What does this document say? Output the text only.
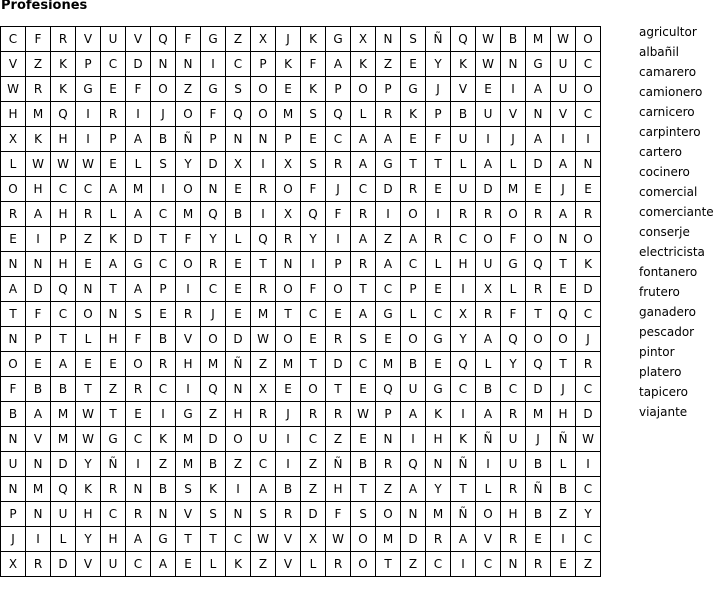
Profesiones
C	F	R	V	U	V	Q	F	G	Z	X	J	K	G	X	N	S	Ñ	Q	W	B	M	W	O
V	Z	K	P	C	D	N	N	I	C	P	K	F	A	K	Z	E	Y	K	W	N	G	U	C
W	R	K	G	E	F	O	Z	G	S	O	E	K	P	O	P	G	J	V	E	I	A	U	O
H	M	Q	I	R	I	J	O	F	Q	O	M	S	Q	L	R	K	P	B	U	V	N	V	C
X	K	H	I	P	A	B	Ñ	P	N	N	P	E	C	A	A	E	F	U	I	J	A	I	I
L	W	W	W	E	L	S	Y	D	X	I	X	S	R	A	G	T	T	L	A	L	D	A	N
O	H	C	C	A	M	I	O	N	E	R	O	F	J	C	D	R	E	U	D	M	E	J	E
R	A	H	R	L	A	C	M	Q	B	I	X	Q	F	R	I	O	I	R	R	O	R	A	R
E	I	P	Z	K	D	T	F	Y	L	Q	R	Y	I	A	Z	A	R	C	O	F	O	N	O
N	N	H	E	A	G	C	O	R	E	T	N	I	P	R	A	C	L	H	U	G	Q	T	K
A	D	Q	N	T	A	P	I	C	E	R	O	F	O	T	C	P	E	I	X	L	R	E	D
T	F	C	O	N	S	E	R	J	E	M	T	C	E	A	G	L	C	X	R	F	T	Q	C
N	P	T	L	H	F	B	V	O	D	W	O	E	R	S	E	O	G	Y	A	Q	O	O	J
O	E	A	E	E	O	R	H	M	Ñ	Z	M	T	D	C	M	B	E	Q	L	Y	Q	T	R
F	B	B	T	Z	R	C	I	Q	N	X	E	O	T	E	Q	U	G	C	B	C	D	J	C
B	A	M	W	T	E	I	G	Z	H	R	J	R	R	W	P	A	K	I	A	R	M	H	D
N	V	M	W	G	C	K	M	D	O	U	I	C	Z	E	N	I	H	K	Ñ	U	J	Ñ	W
U	N	D	Y	Ñ	I	Z	M	B	Z	C	I	Z	Ñ	B	R	Q	N	Ñ	I	U	B	L	I
N	M	Q	K	R	N	B	S	K	I	A	B	Z	H	T	Z	A	Y	T	L	R	Ñ	B	C
P	N	U	H	C	R	N	V	S	N	S	R	D	F	S	O	N	M	Ñ	O	H	B	Z	Y
J	I	L	Y	H	A	G	T	T	C	W	V	X	W	O	M	D	R	A	V	R	E	I	C
X	R	D	V	U	C	A	E	L	K	Z	V	L	R	O	T	Z	C	I	C	N	R	E	Z
agricultor
albañil
camarero
camionero
carnicero
carpintero
cartero
cocinero
comercial
comerciante
conserje
electricista
fontanero
frutero
ganadero
pescador
pintor
platero
tapicero
viajante
